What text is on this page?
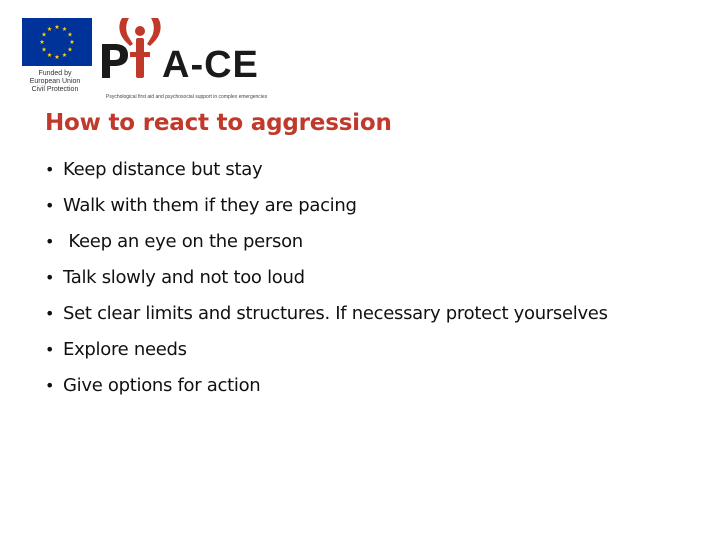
Funded by
European Union
Civil Protection
A-CE
Psychological first aid and psychosocial support in complex emergencies
How to react to aggression
• Keep distance but stay
• Walk with them if they are pacing
• Keep an eye on the person
• Talk slowly and not too loud
• Set clear limits and structures. If necessary protect yourselves
• Explore needs
• Give options for action
